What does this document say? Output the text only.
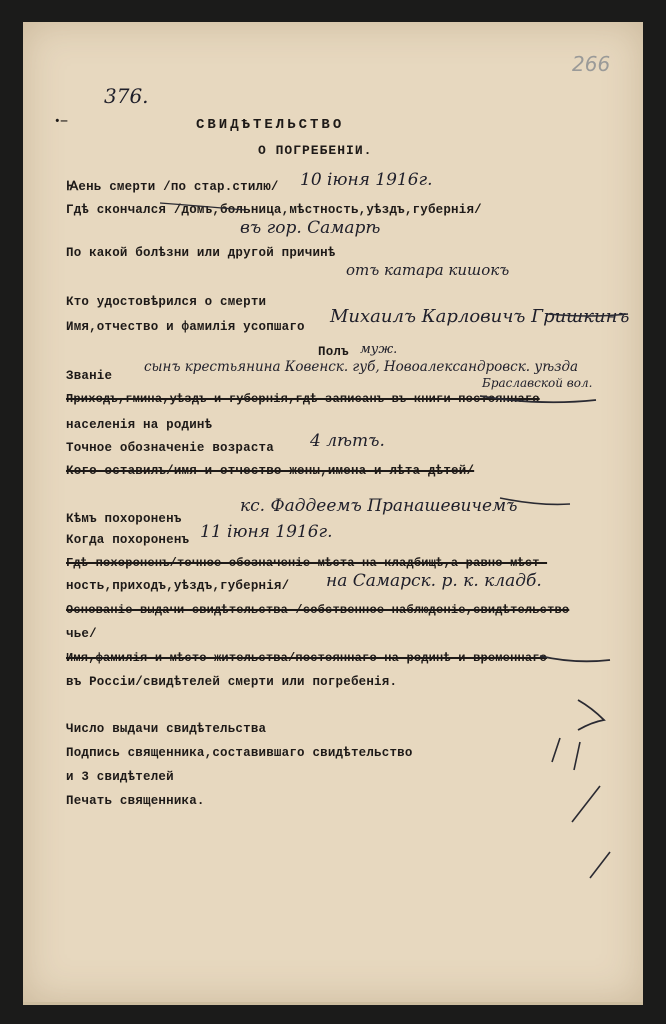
266
376.
•—	СВИДѢТЕЛЬСТВО
О ПОГРЕБЕНІИ.
Ꙗень смерти /по стар.стилю/ 10 іюня 1916г.
Гдѣ скончался /домъ,больница,мѣстность,уѣздъ,губернія/
въ гор. Самарѣ
По какой болѣзни или другой причинѣ
отъ катара кишокъ
Кто удостовѣрился о смерти
Имя,отчество и фамилія усопшаго Михаилъ Карловичъ Гришкинъ
Полъ муж.
Званіе
сынъ крестьянина Ковенск. губ, Новоалександровск. уѣзда
Приходъ,гмина,уѣздъ и губернія,гдѣ записанъ въ книги постояннаго
Браславской вол.
населенія на родинѣ
Точное обозначеніе возраста 4 лѣтъ.
Кого оставилъ/имя и отчество жены,имена и лѣта дѣтей/
Кѣмъ похороненъ
кс. Фаддеемъ Пранашевичемъ
Когда похороненъ 11 іюня 1916г.
Гдѣ похороненъ/точное обозначеніе мѣста на кладбищѣ,а равно мѣст-
ность,приходъ,уѣздъ,губернія/ на Самарск. р. к. кладб.
Основаніе выдачи свидѣтельства /собственное наблюденіе,свидѣтельство
чье/
Имя,фамилія и мѣсто жительства/постояннаго на родинѣ и временнаго
въ Россіи/свидѣтелей смерти или погребенія.
Число выдачи свидѣтельства
Подпись священника,составившаго свидѣтельство
и 3 свидѣтелей
Печать священника.
